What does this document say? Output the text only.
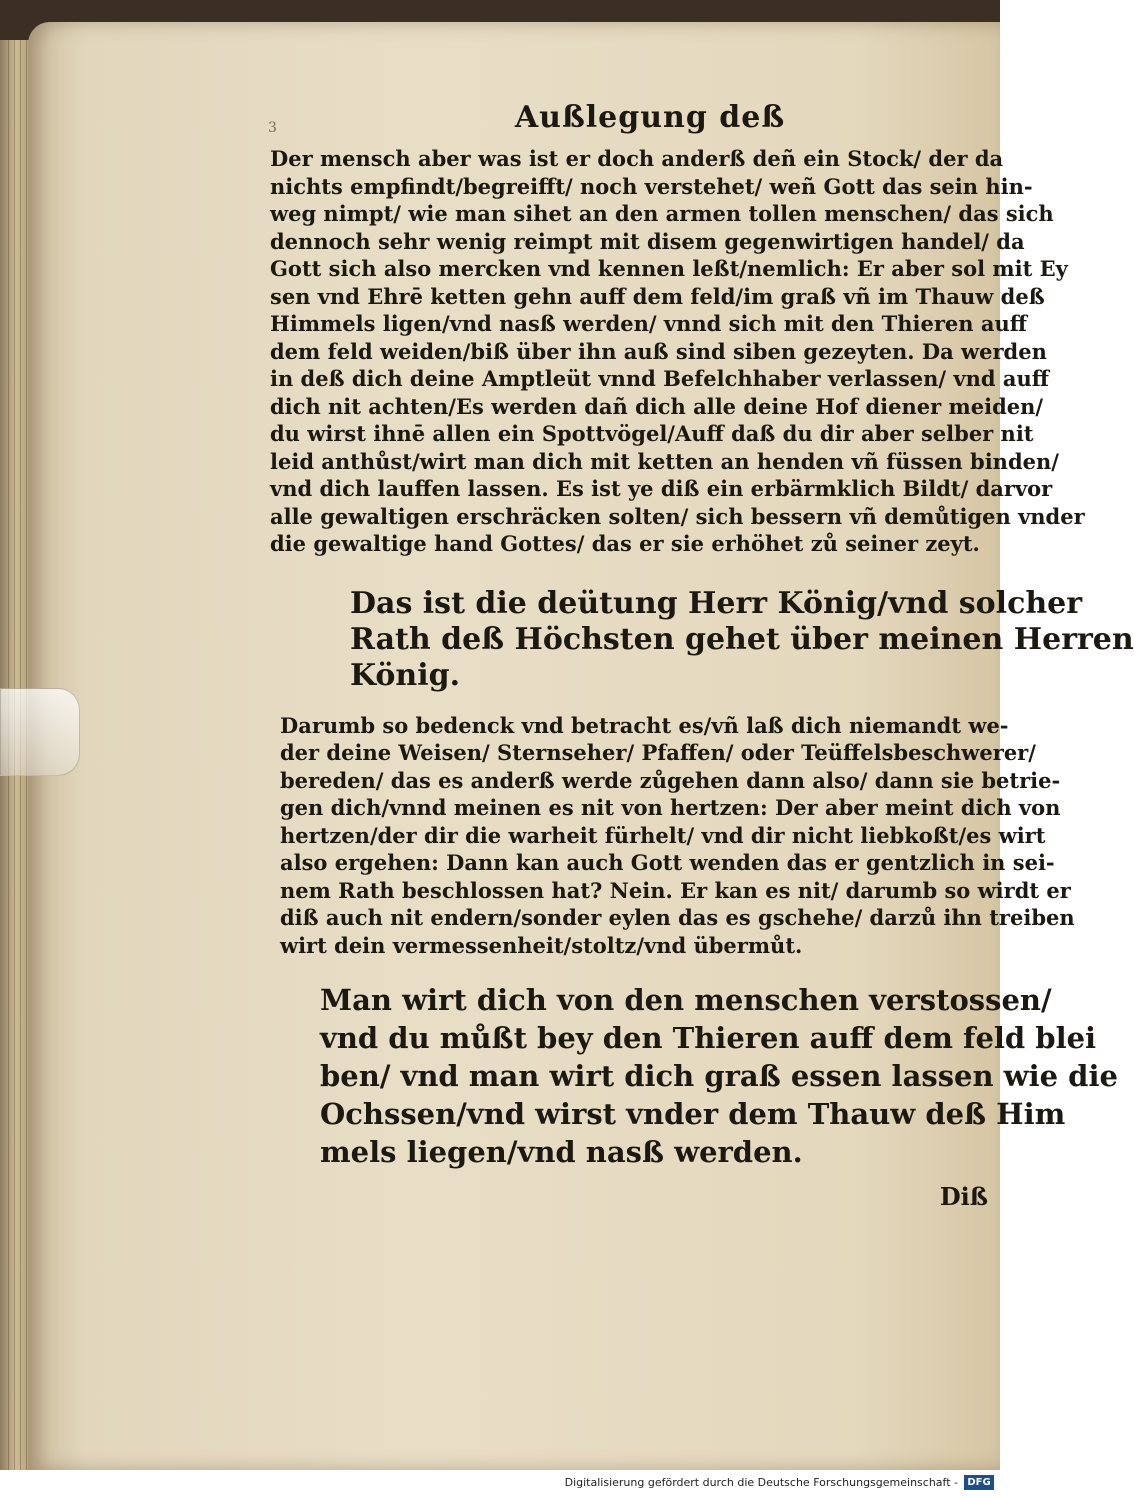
3	Außlegung deß

Der mensch aber was ist er doch anderß deñ ein Stock/ der da
nichts empfindt/begreifft/ noch verstehet/ weñ Gott das sein hin-
weg nimpt/ wie man sihet an den armen tollen menschen/ das sich
dennoch sehr wenig reimpt mit disem gegenwirtigen handel/ da
Gott sich also mercken vnd kennen leßt/nemlich: Er aber sol mit Ey
sen vnd Ehrē ketten gehn auff dem feld/im graß vñ im Thauw deß
Himmels ligen/vnd nasß werden/ vnnd sich mit den Thieren auff
dem feld weiden/biß über ihn auß sind siben gezeyten. Da werden
in deß dich deine Amptleüt vnnd Befelchhaber verlassen/ vnd auff
dich nit achten/Es werden dañ dich alle deine Hof diener meiden/
du wirst ihnē allen ein Spottvögel/Auff daß du dir aber selber nit
leid anthůst/wirt man dich mit ketten an henden vñ füssen binden/
vnd dich lauffen lassen. Es ist ye diß ein erbärmklich Bildt/ darvor
alle gewaltigen erschräcken solten/ sich bessern vñ demůtigen vnder
die gewaltige hand Gottes/ das er sie erhöhet zů seiner zeyt.

Das ist die deütung Herr König/vnd solcher
Rath deß Höchsten gehet über meinen Herren
König.

Darumb so bedenck vnd betracht es/vñ laß dich niemandt we-
der deine Weisen/ Sternseher/ Pfaffen/ oder Teüffelsbeschwerer/
bereden/ das es anderß werde zůgehen dann also/ dann sie betrie-
gen dich/vnnd meinen es nit von hertzen: Der aber meint dich von
hertzen/der dir die warheit fürhelt/ vnd dir nicht liebkoßt/es wirt
also ergehen: Dann kan auch Gott wenden das er gentzlich in sei-
nem Rath beschlossen hat? Nein. Er kan es nit/ darumb so wirdt er
diß auch nit endern/sonder eylen das es gschehe/ darzů ihn treiben
wirt dein vermessenheit/stoltz/vnd übermůt.

Man wirt dich von den menschen verstossen/
vnd du můßt bey den Thieren auff dem feld blei
ben/ vnd man wirt dich graß essen lassen wie die
Ochssen/vnd wirst vnder dem Thauw deß Him
mels liegen/vnd nasß werden.
Diß
Digitalisierung gefördert durch die Deutsche Forschungsgemeinschaft - DFG
